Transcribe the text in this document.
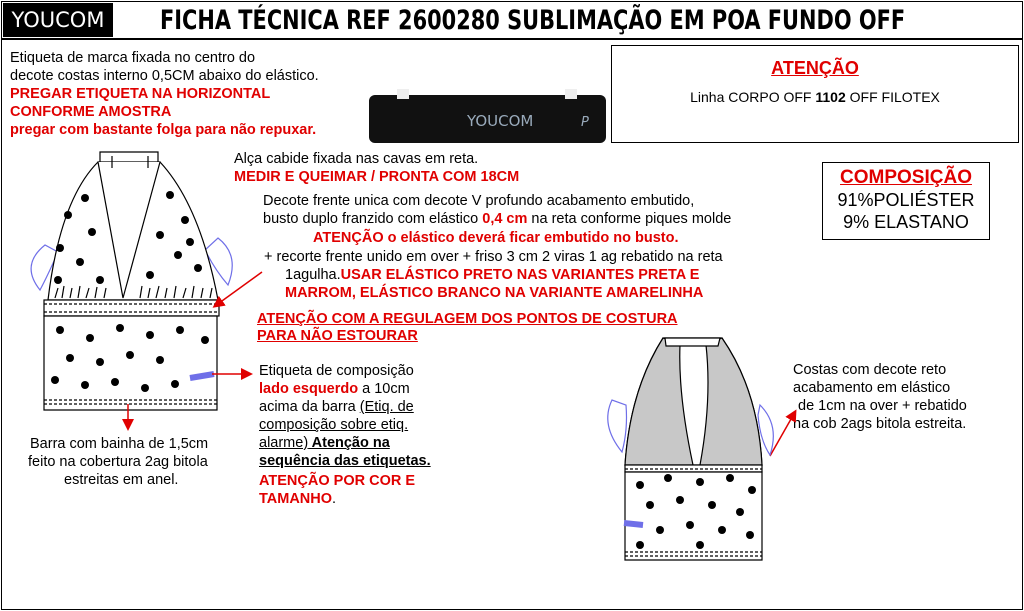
YOUCOM	FICHA TÉCNICA REF 2600280 SUBLIMAÇÃO EM POA FUNDO OFF
Etiqueta de marca fixada no centro do
decote costas interno 0,5CM abaixo do elástico.
PREGAR ETIQUETA NA HORIZONTAL
CONFORME AMOSTRA
pregar com bastante folga para não repuxar.	YOUCOM	P
ATENÇÃO
Linha CORPO OFF 1102 OFF FILOTEX
COMPOSIÇÃO
91%POLIÉSTER
9% ELASTANO
Alça cabide fixada nas cavas em reta.
MEDIR E QUEIMAR / PRONTA COM 18CM
Decote frente unica com decote V profundo acabamento embutido,
busto duplo franzido com elástico 0,4 cm na reta conforme piques molde
ATENÇÃO o elástico deverá ficar embutido no busto.
+ recorte frente unido em over + friso 3 cm 2 viras 1 ag rebatido na reta
1agulha.USAR ELÁSTICO PRETO NAS VARIANTES PRETA E
MARROM, ELÁSTICO BRANCO NA VARIANTE AMARELINHA
ATENÇÃO COM A REGULAGEM DOS PONTOS DE COSTURA
PARA NÃO ESTOURAR
Etiqueta de composição
lado esquerdo a 10cm
acima da barra (Etiq. de
composição sobre etiq.
alarme) Atenção na
sequência das etiquetas.
ATENÇÃO POR COR E
TAMANHO.
Barra com bainha de 1,5cm
feito na cobertura 2ag bitola
estreitas em anel.
Costas com decote reto
acabamento em elástico
de 1cm na over + rebatido
na cob 2ags bitola estreita.
